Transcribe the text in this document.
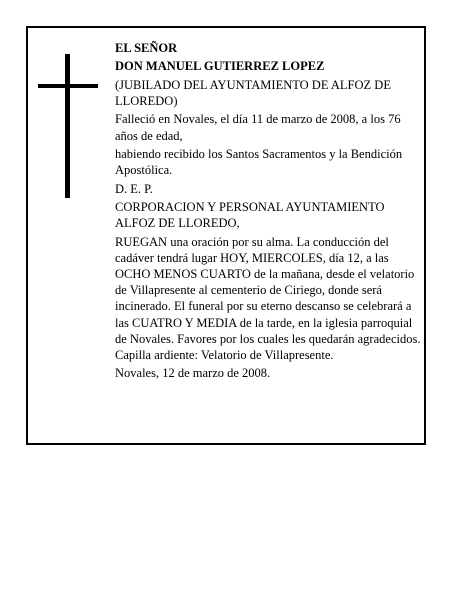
EL SEÑOR

DON MANUEL GUTIERREZ LOPEZ

(JUBILADO DEL AYUNTAMIENTO DE ALFOZ DE LLOREDO)

Falleció en Novales, el día 11 de marzo de 2008, a los 76 años de edad,

habiendo recibido los Santos Sacramentos y la Bendición Apostólica.

D. E. P.

CORPORACION Y PERSONAL AYUNTAMIENTO ALFOZ DE LLOREDO,

RUEGAN una oración por su alma. La conducción del cadáver tendrá lugar HOY, MIERCOLES, día 12, a las OCHO MENOS CUARTO de la mañana, desde el velatorio de Villapresente al cementerio de Ciriego, donde será incinerado. El funeral por su eterno descanso se celebrará a las CUATRO Y MEDIA de la tarde, en la iglesia parroquial de Novales. Favores por los cuales les quedarán agradecidos. Capilla ardiente: Velatorio de Villapresente.

Novales, 12 de marzo de 2008.
